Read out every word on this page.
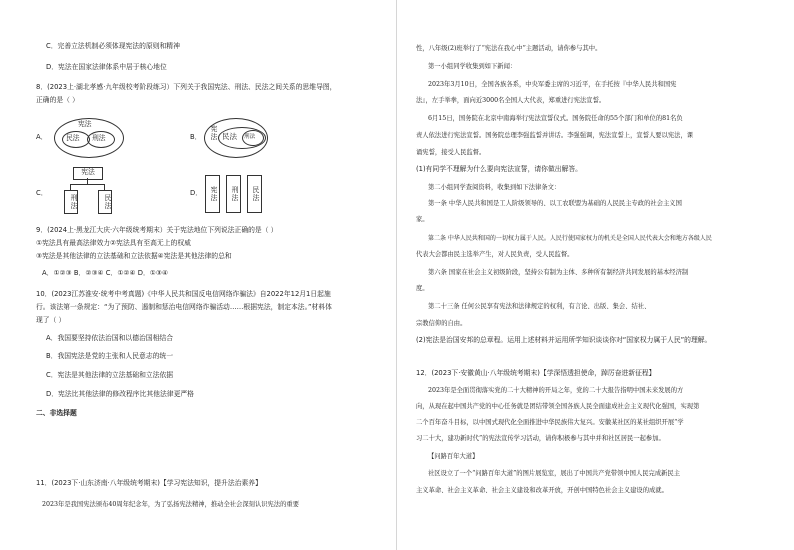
C．完善立法机制必须体现宪法的原则和精神
D．宪法在国家法律体系中居于核心地位
8．(2023上·湖北孝感·九年级校考阶段练习）下列关于我国宪法、刑法、民法之间关系的思维导图，
正确的是（ ）
A．
宪法
民法 刑法	B． 宪法 民法 刑法
C．
宪法
刑法	民法
D．	宪法	刑法	民法
9．(2024上·黑龙江大庆·六年级统考期末）关于宪法地位下列说法正确的是（ ）
①宪法具有最高法律效力②宪法具有至高无上的权威
③宪法是其他法律的立法基础和立法依据④宪法是其他法律的总和
A．①②③ B．②③④ C．①②④ D．①③④
10．(2023江苏淮安·统考中考真题)《中华人民共和国反电信网络诈骗法》自2022年12月1日起施
行。该法第一条规定：“为了预防、遏制和惩治电信网络诈骗活动……根据宪法，制定本法。”材料体
现了（ ）
A．我国要坚持依法治国和以德治国相结合
B．我国宪法是党的主张和人民意志的统一
C．宪法是其他法律的立法基础和立法依据
D．宪法比其他法律的修改程序比其他法律更严格
二、非选择题
11．(2023下·山东济南·八年级统考期末)【学习宪法知识，提升法治素养】
2023年是我国宪法颁布40周年纪念年，为了弘扬宪法精神，推动全社会深刻认识宪法的重要
性，八年级(2)班举行了“宪法在我心中”主题活动，请你参与其中。
第一小组同学收集到如下新闻：
2023年3月10日，全国各族各系，中央军委主席的习近平，在手托按『中华人民共和国宪
法』，左手举拳，面向近3000名全国人大代表，郑重进行宪法宣誓。
6月15日，国务院在北京中南海举行宪法宣誓仪式。国务院任命的55个部门和单位的81名负
责人依法进行宪法宣誓。国务院总理李强监誓并讲话。李强强调，宪法宣誓上，宣誓人要以宪法，课
诵宪誓，接受人民监督。
(1)有同学不理解为什么要向宪法宣誓，请你做出解答。
第二小组同学查阅资料，收集到如下法律条文：
第一条 中华人民共和国是工人阶级领导的、以工农联盟为基础的人民民主专政的社会主义国
家。
第二条 中华人民共和国的一切权力属于人民。人民行使国家权力的机关是全国人民代表大会和地方各级人民
代表大会都由民主选举产生，对人民负责，受人民监督。
第六条 国家在社会主义初级阶段，坚持公有制为主体、多种所有制经济共同发展的基本经济制
度。
第二十三条 任何公民享有宪法和法律规定的权利，有言论、出版、集会、结社、
宗教信仰的自由。
(2)宪法是治国安邦的总章程。运用上述材料并运用所学知识谈谈你对“国家权力属于人民”的理解。
12．(2023下·安徽黄山·八年级统考期末)【学深悟透担使命，踔厉奋进新征程】
2023年是全面贯彻落实党的二十大精神的开局之年，党的二十大报告指明中国未来发展的方
向，从现在起中国共产党的中心任务就是团结带领全国各族人民全面建成社会主义现代化强国，实现第
二个百年奋斗目标，以中国式现代化全面推进中华民族伟大复兴。安徽某社区的某社组织开展“学
习二十大，建功新时代”的宪法宣传学习活动，请你积极参与其中并和社区居民一起参加。
【问路百年大道】
社区设立了一个“问路百年大道”的图片展览室，展出了中国共产党带领中国人民完成新民主
主义革命、社会主义革命、社会主义建设和改革开放，开创中国特色社会主义建设的成就。
